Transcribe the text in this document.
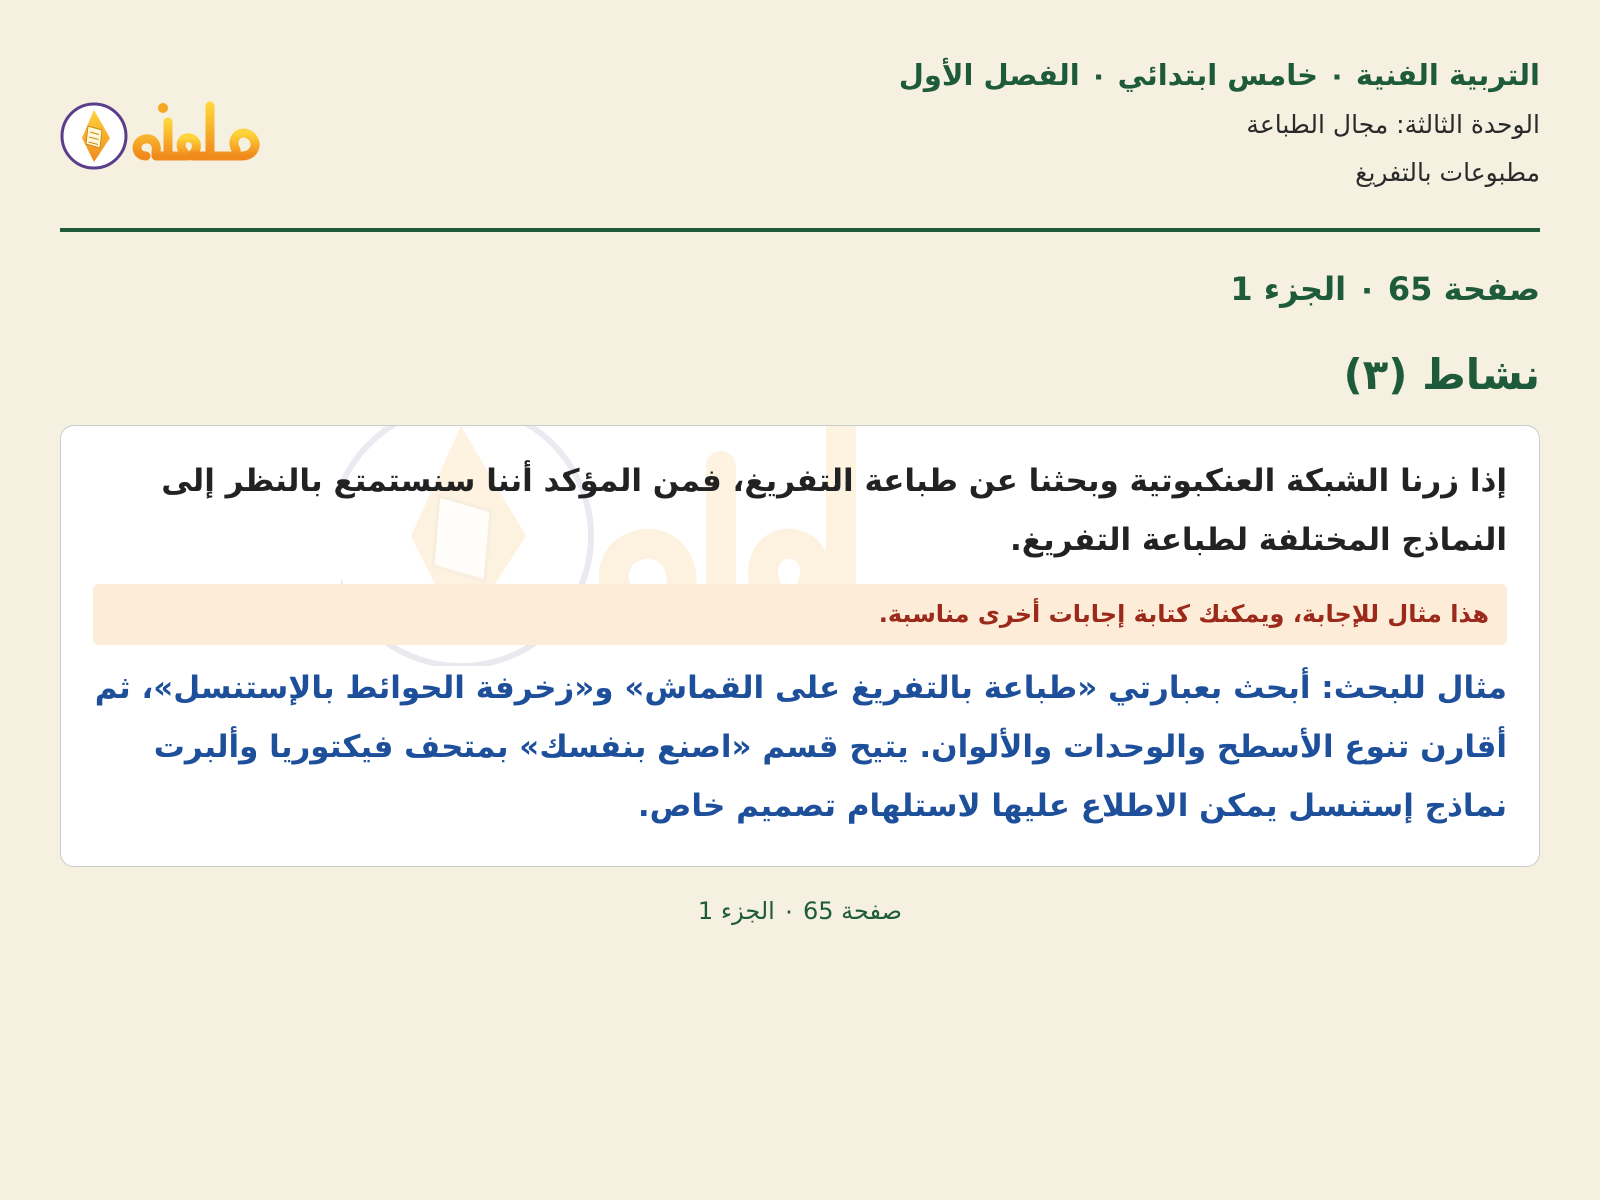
التربية الفنية ٠ خامس ابتدائي ٠ الفصل الأول
الوحدة الثالثة: مجال الطباعة
مطبوعات بالتفريغ
صفحة 65 ٠ الجزء 1
نشاط (٣)
إذا زرنا الشبكة العنكبوتية وبحثنا عن طباعة التفريغ، فمن المؤكد أننا سنستمتع بالنظر إلى النماذج المختلفة لطباعة التفريغ.
هذا مثال للإجابة، ويمكنك كتابة إجابات أخرى مناسبة.
مثال للبحث: أبحث بعبارتي «طباعة بالتفريغ على القماش» و«زخرفة الحوائط بالإستنسل»، ثم أقارن تنوع الأسطح والوحدات والألوان. يتيح قسم «اصنع بنفسك» بمتحف فيكتوريا وألبرت نماذج إستنسل يمكن الاطلاع عليها لاستلهام تصميم خاص.
صفحة 65 ٠ الجزء 1
